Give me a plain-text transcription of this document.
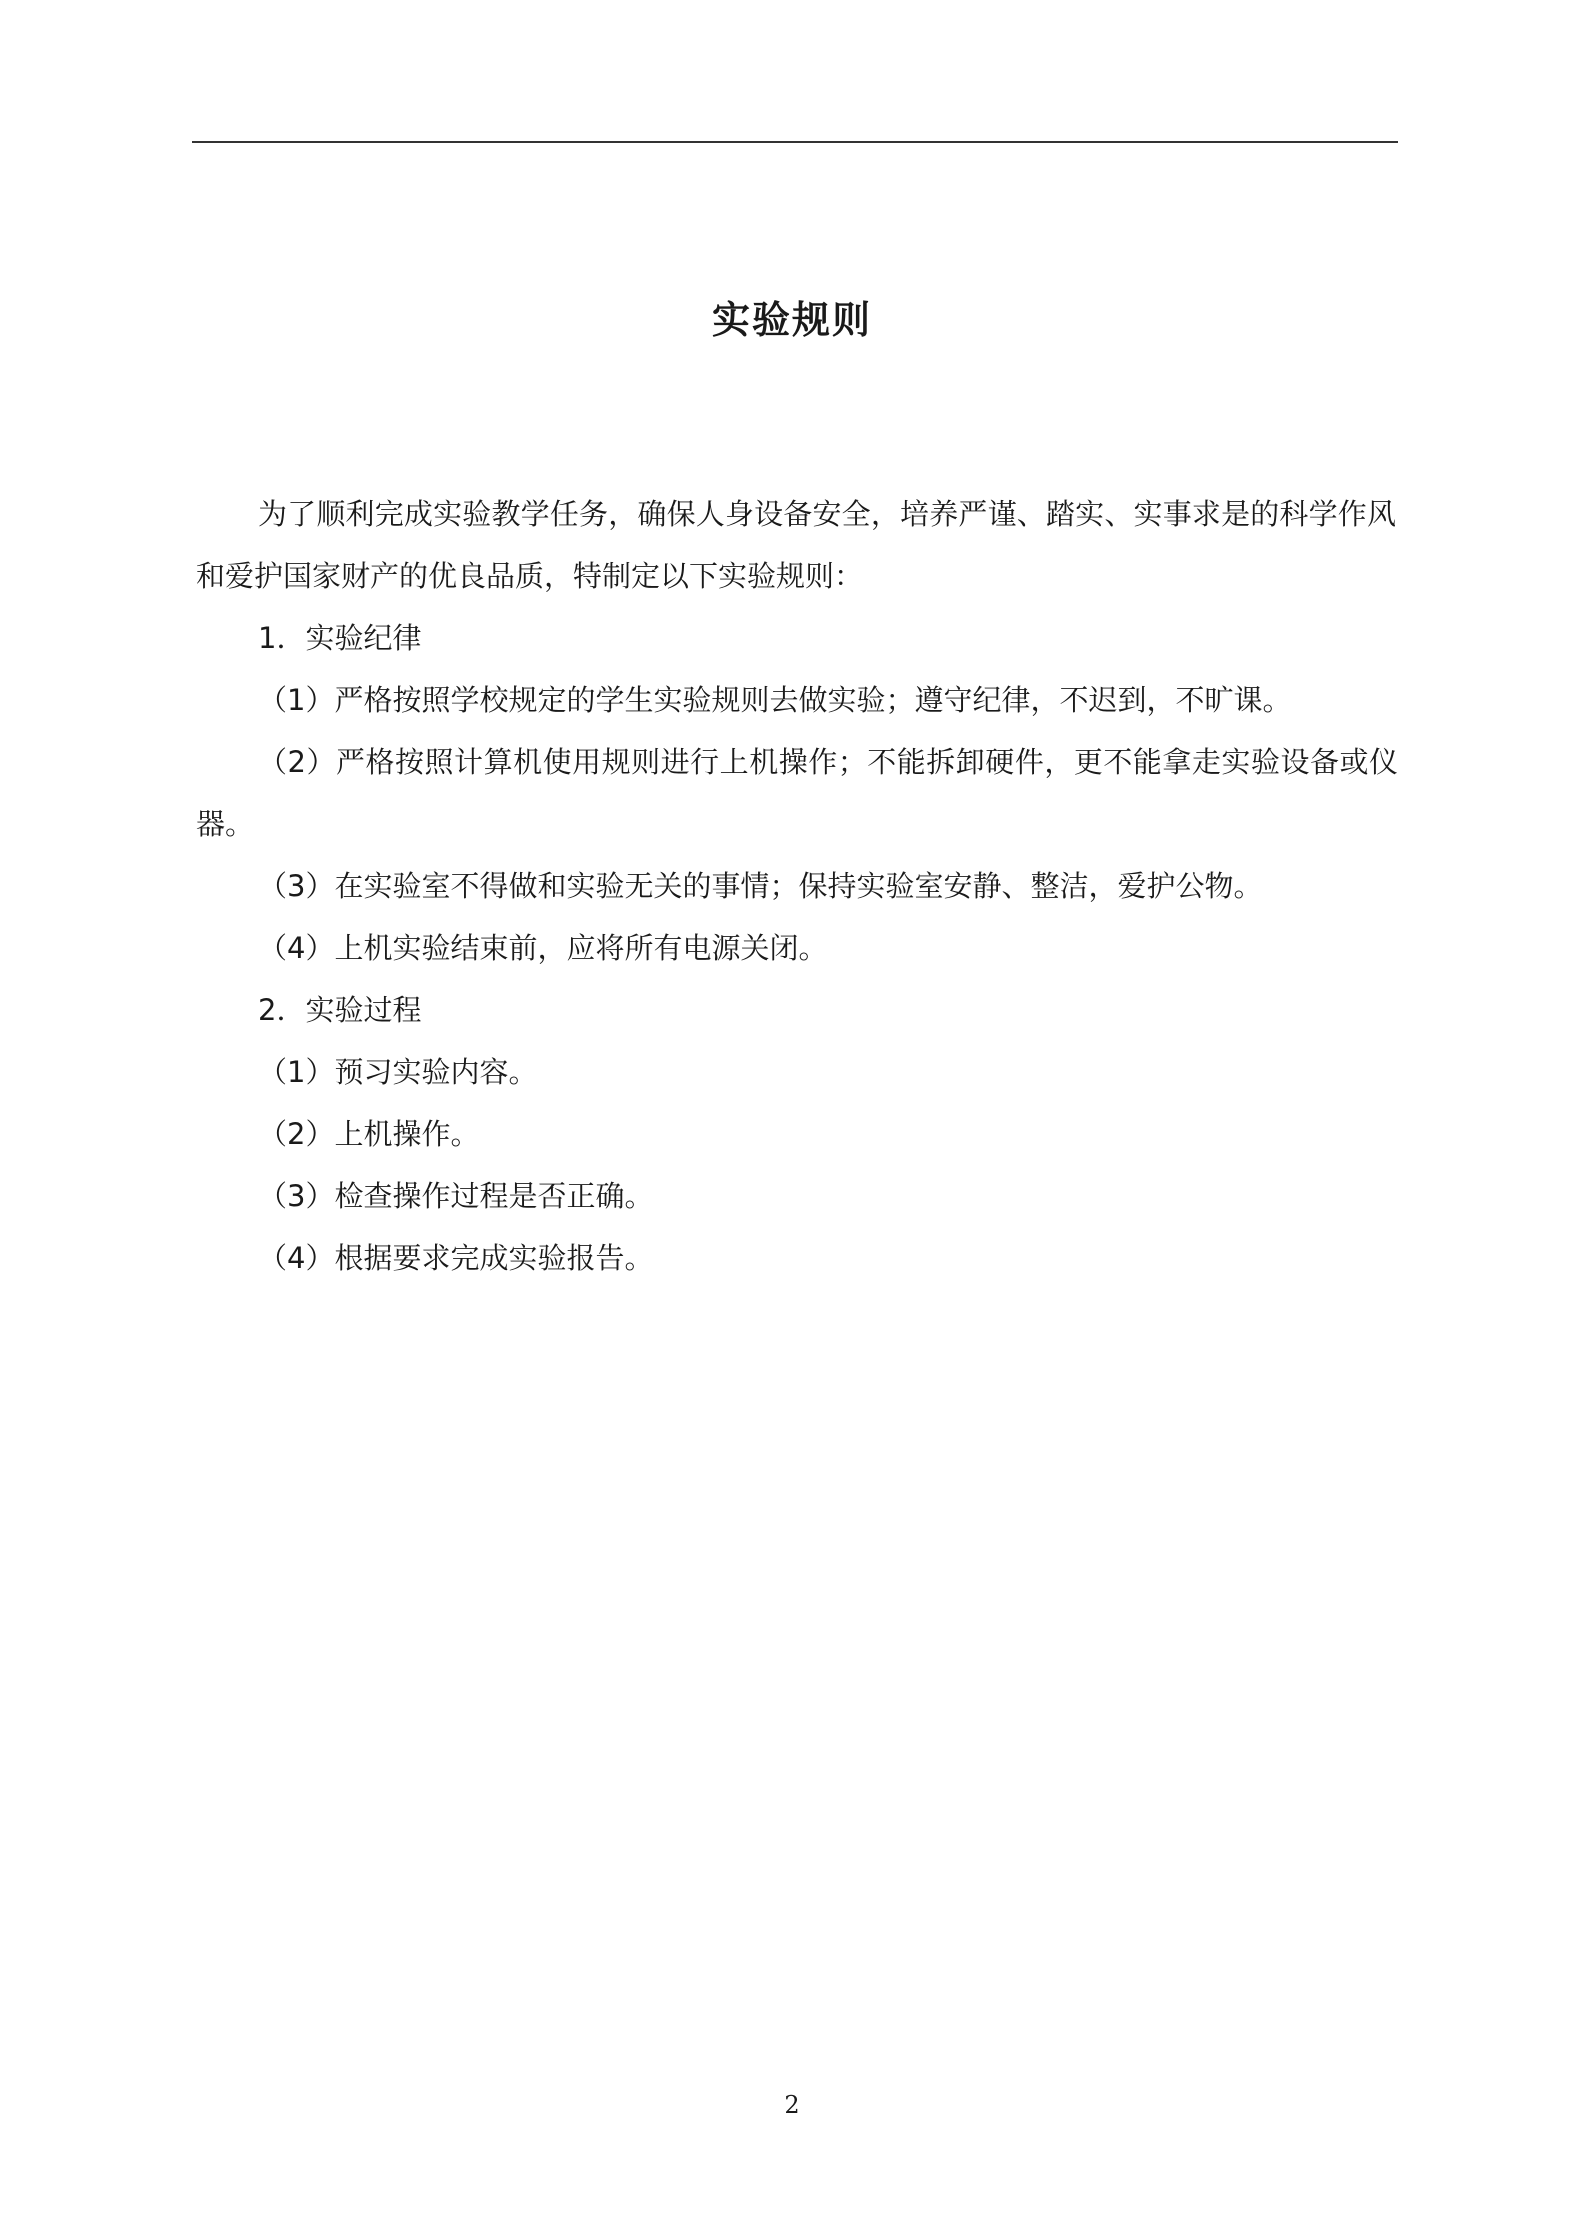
实验规则

为了顺利完成实验教学任务，确保人身设备安全，培养严谨、踏实、实事求是的科学作风和爱护国家财产的优良品质，特制定以下实验规则：

1．实验纪律

（1）严格按照学校规定的学生实验规则去做实验；遵守纪律，不迟到，不旷课。

（2）严格按照计算机使用规则进行上机操作；不能拆卸硬件，更不能拿走实验设备或仪器。

（3）在实验室不得做和实验无关的事情；保持实验室安静、整洁，爱护公物。

（4）上机实验结束前，应将所有电源关闭。

2．实验过程

（1）预习实验内容。

（2）上机操作。

（3）检查操作过程是否正确。

（4）根据要求完成实验报告。

2
